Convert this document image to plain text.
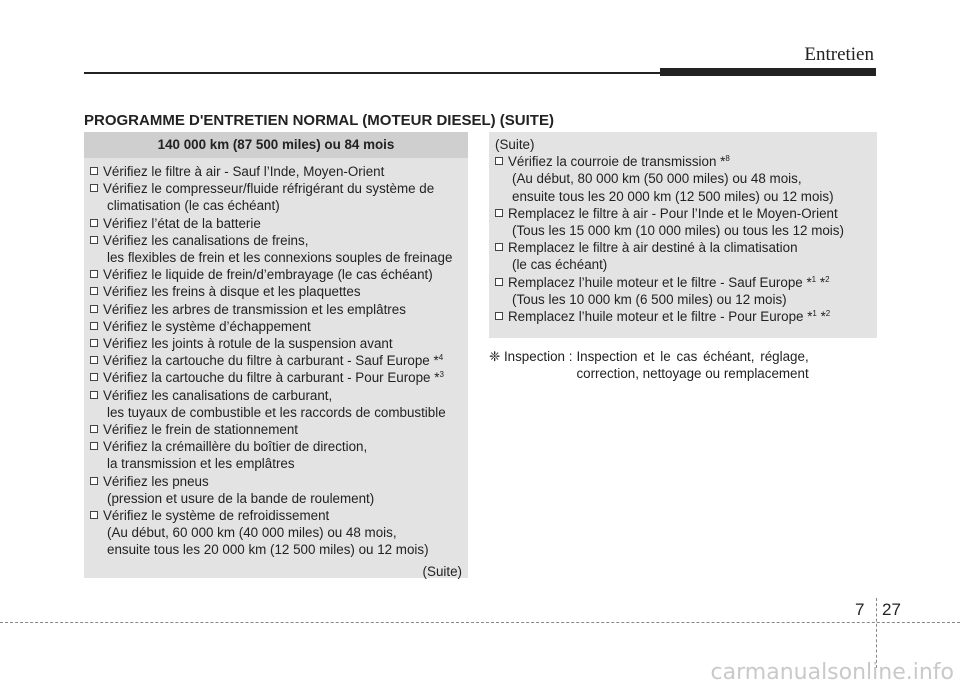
Entretien
PROGRAMME D'ENTRETIEN NORMAL (MOTEUR DIESEL) (SUITE)
140 000 km (87 500 miles) ou 84 mois
Vérifiez le filtre à air - Sauf l’Inde, Moyen-Orient
Vérifiez le compresseur/fluide réfrigérant du système de
climatisation (le cas échéant)
Vérifiez l’état de la batterie
Vérifiez les canalisations de freins,
les flexibles de frein et les connexions souples de freinage
Vérifiez le liquide de frein/d’embrayage (le cas échéant)
Vérifiez les freins à disque et les plaquettes
Vérifiez les arbres de transmission et les emplâtres
Vérifiez le système d’échappement
Vérifiez les joints à rotule de la suspension avant
Vérifiez la cartouche du filtre à carburant - Sauf Europe *$^4$
Vérifiez la cartouche du filtre à carburant - Pour Europe *$^3$
Vérifiez les canalisations de carburant,
les tuyaux de combustible et les raccords de combustible
Vérifiez le frein de stationnement
Vérifiez la crémaillère du boîtier de direction,
la transmission et les emplâtres
Vérifiez les pneus
(pression et usure de la bande de roulement)
Vérifiez le système de refroidissement
(Au début, 60 000 km (40 000 miles) ou 48 mois,
ensuite tous les 20 000 km (12 500 miles) ou 12 mois)
(Suite)
(Suite)
Vérifiez la courroie de transmission *$^8$
(Au début, 80 000 km (50 000 miles) ou 48 mois,
ensuite tous les 20 000 km (12 500 miles) ou 12 mois)
Remplacez le filtre à air - Pour l’Inde et le Moyen-Orient
(Tous les 15 000 km (10 000 miles) ou tous les 12 mois)
Remplacez le filtre à air destiné à la climatisation
(le cas échéant)
Remplacez l’huile moteur et le filtre - Sauf Europe *$^1$ *$^2$
(Tous les 10 000 km (6 500 miles) ou 12 mois)
Remplacez l’huile moteur et le filtre - Pour Europe *$^1$ *$^2$
❈ Inspection : Inspection et le cas échéant, réglage,
correction, nettoyage ou remplacement
7 27
carmanualsonline.info
